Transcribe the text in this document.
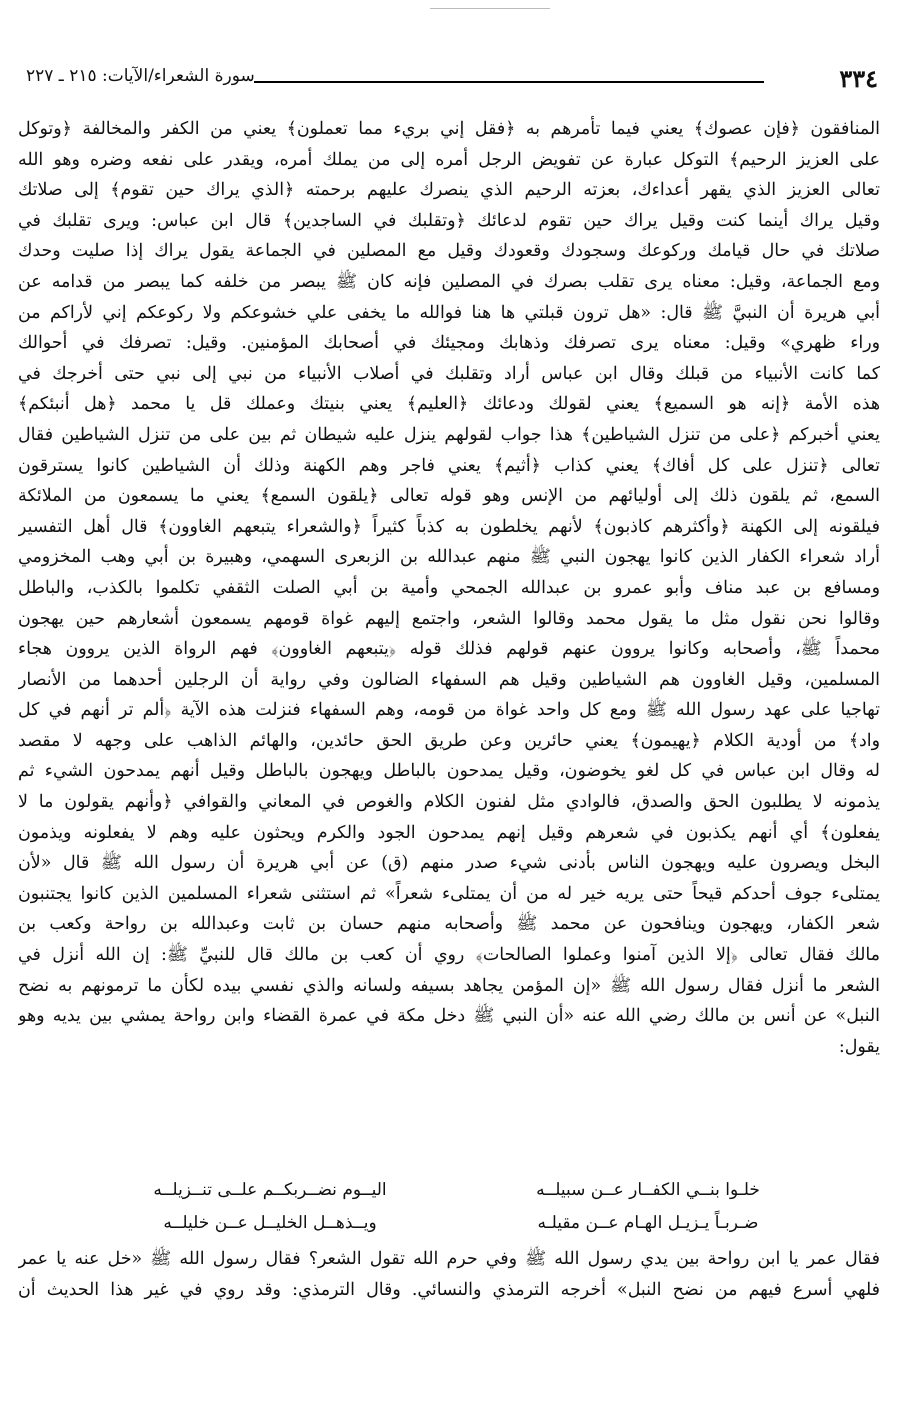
٣٣٤
سورة الشعراء/الآيات: ٢١٥ ـ ٢٢٧
المنافقون ﴿فإن عصوك﴾ يعني فيما تأمرهم به ﴿فقل إني بريء مما تعملون﴾ يعني من الكفر والمخالفة ﴿وتوكل
على العزيز الرحيم﴾ التوكل عبارة عن تفويض الرجل أمره إلى من يملك أمره، ويقدر على نفعه وضره وهو الله
تعالى العزيز الذي يقهر أعداءك، بعزته الرحيم الذي ينصرك عليهم برحمته ﴿الذي يراك حين تقوم﴾ إلى صلاتك
وقيل يراك أينما كنت وقيل يراك حين تقوم لدعائك ﴿وتقلبك في الساجدين﴾ قال ابن عباس: ويرى تقلبك في
صلاتك في حال قيامك وركوعك وسجودك وقعودك وقيل مع المصلين في الجماعة يقول يراك إذا صليت وحدك
ومع الجماعة، وقيل: معناه يرى تقلب بصرك في المصلين فإنه كان ﷺ يبصر من خلفه كما يبصر من قدامه عن
أبي هريرة أن النبيَّ ﷺ قال: «هل ترون قبلتي ها هنا فوالله ما يخفى علي خشوعكم ولا ركوعكم إني لأراكم من
وراء ظهري» وقيل: معناه يرى تصرفك وذهابك ومجيئك في أصحابك المؤمنين. وقيل: تصرفك في أحوالك
كما كانت الأنبياء من قبلك وقال ابن عباس أراد وتقلبك في أصلاب الأنبياء من نبي إلى نبي حتى أخرجك في
هذه الأمة ﴿إنه هو السميع﴾ يعني لقولك ودعائك ﴿العليم﴾ يعني بنيتك وعملك قل يا محمد ﴿هل أنبئكم﴾
يعني أخبركم ﴿على من تنزل الشياطين﴾ هذا جواب لقولهم ينزل عليه شيطان ثم بين على من تنزل الشياطين فقال
تعالى ﴿تنزل على كل أفاك﴾ يعني كذاب ﴿أثيم﴾ يعني فاجر وهم الكهنة وذلك أن الشياطين كانوا يسترقون
السمع، ثم يلقون ذلك إلى أوليائهم من الإنس وهو قوله تعالى ﴿يلقون السمع﴾ يعني ما يسمعون من الملائكة
فيلقونه إلى الكهنة ﴿وأكثرهم كاذبون﴾ لأنهم يخلطون به كذباً كثيراً ﴿والشعراء يتبعهم الغاوون﴾ قال أهل التفسير
أراد شعراء الكفار الذين كانوا يهجون النبي ﷺ منهم عبدالله بن الزبعرى السهمي، وهبيرة بن أبي وهب المخزومي
ومسافع بن عبد مناف وأبو عمرو بن عبدالله الجمحي وأمية بن أبي الصلت الثقفي تكلموا بالكذب، والباطل
وقالوا نحن نقول مثل ما يقول محمد وقالوا الشعر، واجتمع إليهم غواة قومهم يسمعون أشعارهم حين يهجون
محمداً ﷺ، وأصحابه وكانوا يروون عنهم قولهم فذلك قوله ﴿يتبعهم الغاوون﴾ فهم الرواة الذين يروون هجاء
المسلمين، وقيل الغاوون هم الشياطين وقيل هم السفهاء الضالون وفي رواية أن الرجلين أحدهما من الأنصار
تهاجيا على عهد رسول الله ﷺ ومع كل واحد غواة من قومه، وهم السفهاء فنزلت هذه الآية ﴿ألم تر أنهم في كل
واد﴾ من أودية الكلام ﴿يهيمون﴾ يعني حائرين وعن طريق الحق حائدين، والهائم الذاهب على وجهه لا مقصد
له وقال ابن عباس في كل لغو يخوضون، وقيل يمدحون بالباطل ويهجون بالباطل وقيل أنهم يمدحون الشيء ثم
يذمونه لا يطلبون الحق والصدق، فالوادي مثل لفنون الكلام والغوص في المعاني والقوافي ﴿وأنهم يقولون ما لا
يفعلون﴾ أي أنهم يكذبون في شعرهم وقيل إنهم يمدحون الجود والكرم ويحثون عليه وهم لا يفعلونه ويذمون
البخل ويصرون عليه ويهجون الناس بأدنى شيء صدر منهم (ق) عن أبي هريرة أن رسول الله ﷺ قال «لأن
يمتلىء جوف أحدكم قيحاً حتى يريه خير له من أن يمتلىء شعراً» ثم استثنى شعراء المسلمين الذين كانوا يجتنبون
شعر الكفار، ويهجون وينافحون عن محمد ﷺ وأصحابه منهم حسان بن ثابت وعبدالله بن رواحة وكعب بن
مالك فقال تعالى ﴿إلا الذين آمنوا وعملوا الصالحات﴾ روي أن كعب بن مالك قال للنبيِّ ﷺ: إن الله أنزل في
الشعر ما أنزل فقال رسول الله ﷺ «إن المؤمن يجاهد بسيفه ولسانه والذي نفسي بيده لكأن ما ترمونهم به نضح
النبل» عن أنس بن مالك رضي الله عنه «أن النبي ﷺ دخل مكة في عمرة القضاء وابن رواحة يمشي بين يديه وهو
يقول:
خلـوا بنــي الكفــار عــن سبيلــه
اليــوم نضــربكــم علــى تنــزيلــه
ضـربـاً يـزيـل الهـام عــن مقيلـه
ويــذهــل الخليــل عــن خليلــه
فقال عمر يا ابن رواحة بين يدي رسول الله ﷺ وفي حرم الله تقول الشعر؟ فقال رسول الله ﷺ «خل عنه يا عمر
فلهي أسرع فيهم من نضح النبل» أخرجه الترمذي والنسائي. وقال الترمذي: وقد روي في غير هذا الحديث أن
